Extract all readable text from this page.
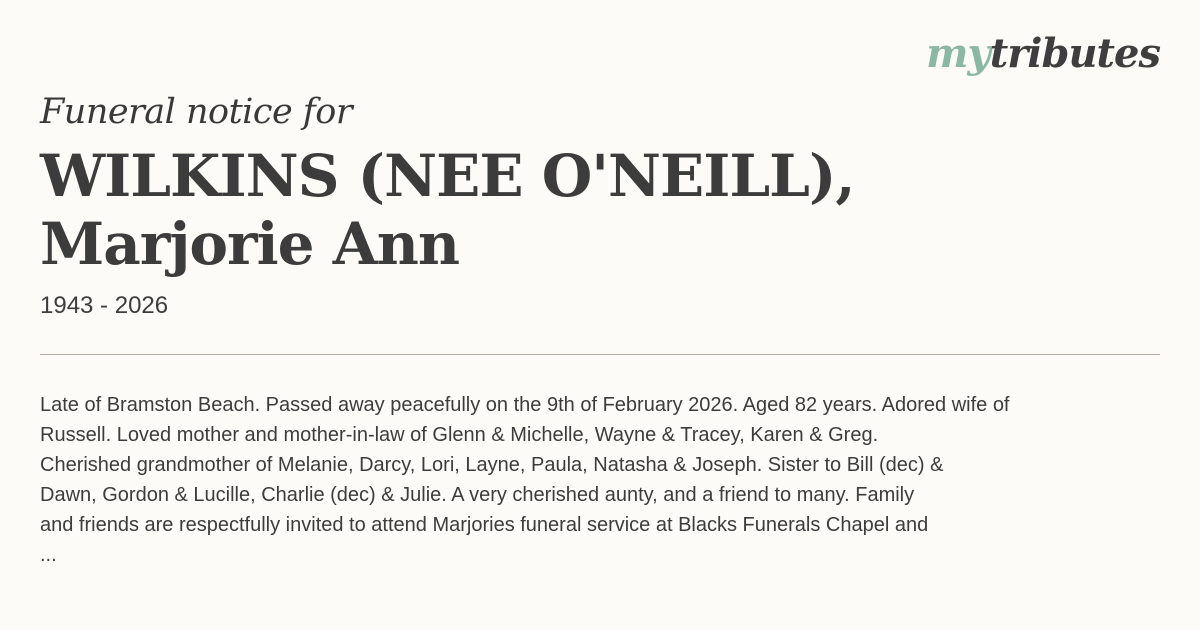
mytributes
Funeral notice for
WILKINS (NEE O'NEILL),
Marjorie Ann
1943 - 2026
Late of Bramston Beach. Passed away peacefully on the 9th of February 2026. Aged 82 years. Adored wife of
Russell. Loved mother and mother-in-law of Glenn & Michelle, Wayne & Tracey, Karen & Greg.
Cherished grandmother of Melanie, Darcy, Lori, Layne, Paula, Natasha & Joseph. Sister to Bill (dec) &
Dawn, Gordon & Lucille, Charlie (dec) & Julie. A very cherished aunty, and a friend to many. Family
and friends are respectfully invited to attend Marjories funeral service at Blacks Funerals Chapel and
...
